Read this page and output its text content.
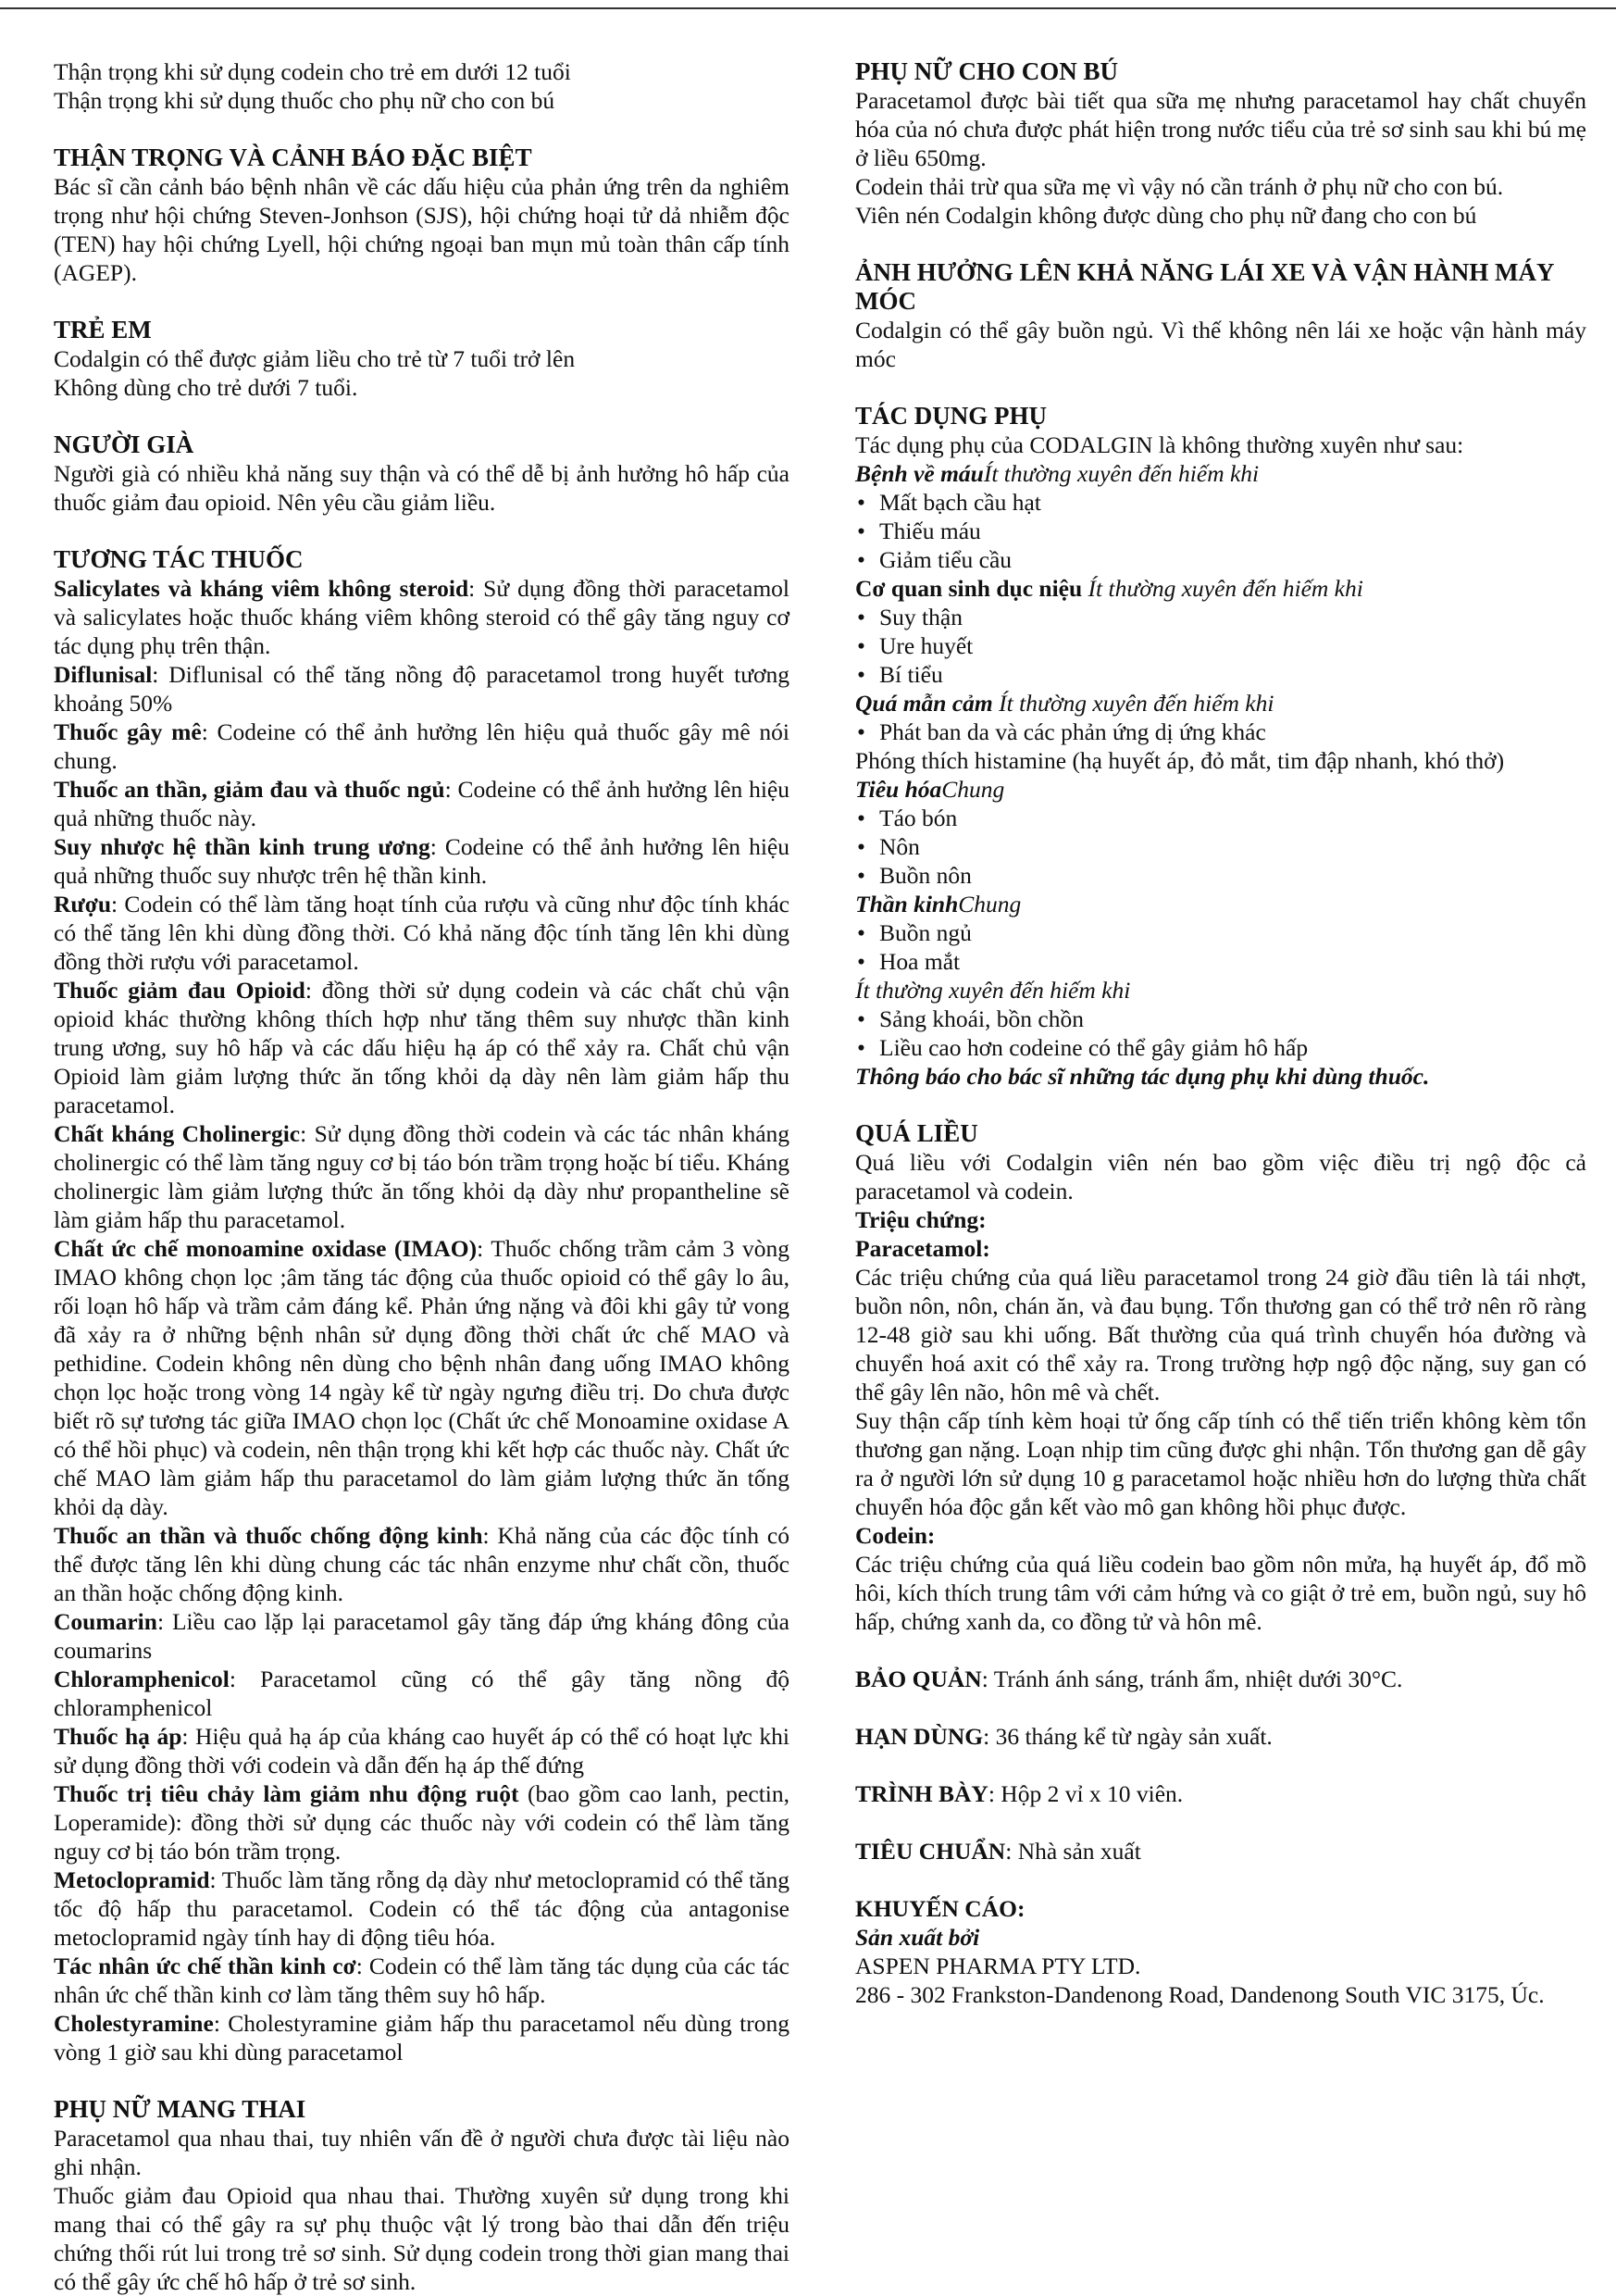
Thận trọng khi sử dụng codein cho trẻ em dưới 12 tuổi

Thận trọng khi sử dụng thuốc cho phụ nữ cho con bú

THẬN TRỌNG VÀ CẢNH BÁO ĐẶC BIỆT

Bác sĩ cần cảnh báo bệnh nhân về các dấu hiệu của phản ứng trên da nghiêm trọng như hội chứng Steven-Jonhson (SJS), hội chứng hoại tử dả nhiễm độc (TEN) hay hội chứng Lyell, hội chứng ngoại ban mụn mủ toàn thân cấp tính (AGEP).

TRẺ EM

Codalgin có thể được giảm liều cho trẻ từ 7 tuổi trở lên

Không dùng cho trẻ dưới 7 tuổi.

NGƯỜI GIÀ

Người già có nhiều khả năng suy thận và có thể dễ bị ảnh hưởng hô hấp của thuốc giảm đau opioid. Nên yêu cầu giảm liều.

TƯƠNG TÁC THUỐC

Salicylates và kháng viêm không steroid: Sử dụng đồng thời paracetamol và salicylates hoặc thuốc kháng viêm không steroid có thể gây tăng nguy cơ tác dụng phụ trên thận.

Diflunisal: Diflunisal có thể tăng nồng độ paracetamol trong huyết tương khoảng 50%

Thuốc gây mê: Codeine có thể ảnh hưởng lên hiệu quả thuốc gây mê nói chung.

Thuốc an thần, giảm đau và thuốc ngủ: Codeine có thể ảnh hưởng lên hiệu quả những thuốc này.

Suy nhược hệ thần kinh trung ương: Codeine có thể ảnh hưởng lên hiệu quả những thuốc suy nhược trên hệ thần kinh.

Rượu: Codein có thể làm tăng hoạt tính của rượu và cũng như độc tính khác có thể tăng lên khi dùng đồng thời. Có khả năng độc tính tăng lên khi dùng đồng thời rượu với paracetamol.

Thuốc giảm đau Opioid: đồng thời sử dụng codein và các chất chủ vận opioid khác thường không thích hợp như tăng thêm suy nhược thần kinh trung ương, suy hô hấp và các dấu hiệu hạ áp có thể xảy ra. Chất chủ vận Opioid làm giảm lượng thức ăn tống khỏi dạ dày nên làm giảm hấp thu paracetamol.

Chất kháng Cholinergic: Sử dụng đồng thời codein và các tác nhân kháng cholinergic có thể làm tăng nguy cơ bị táo bón trầm trọng hoặc bí tiểu. Kháng cholinergic làm giảm lượng thức ăn tống khỏi dạ dày như propantheline sẽ làm giảm hấp thu paracetamol.

Chất ức chế monoamine oxidase (IMAO): Thuốc chống trầm cảm 3 vòng IMAO không chọn lọc ;âm tăng tác động của thuốc opioid có thể gây lo âu, rối loạn hô hấp và trầm cảm đáng kể. Phản ứng nặng và đôi khi gây tử vong đã xảy ra ở những bệnh nhân sử dụng đồng thời chất ức chế MAO và pethidine. Codein không nên dùng cho bệnh nhân đang uống IMAO không chọn lọc hoặc trong vòng 14 ngày kể từ ngày ngưng điều trị. Do chưa được biết rõ sự tương tác giữa IMAO chọn lọc (Chất ức chế Monoamine oxidase A có thể hồi phục) và codein, nên thận trọng khi kết hợp các thuốc này. Chất ức chế MAO làm giảm hấp thu paracetamol do làm giảm lượng thức ăn tống khỏi dạ dày.

Thuốc an thần và thuốc chống động kinh: Khả năng của các độc tính có thể được tăng lên khi dùng chung các tác nhân enzyme như chất cồn, thuốc an thần hoặc chống động kinh.

Coumarin: Liều cao lặp lại paracetamol gây tăng đáp ứng kháng đông của coumarins

Chloramphenicol: Paracetamol cũng có thể gây tăng nồng độ chloramphenicol

Thuốc hạ áp: Hiệu quả hạ áp của kháng cao huyết áp có thể có hoạt lực khi sử dụng đồng thời với codein và dẫn đến hạ áp thế đứng

Thuốc trị tiêu chảy làm giảm nhu động ruột (bao gồm cao lanh, pectin, Loperamide): đồng thời sử dụng các thuốc này với codein có thể làm tăng nguy cơ bị táo bón trầm trọng.

Metoclopramid: Thuốc làm tăng rỗng dạ dày như metoclopramid có thể tăng tốc độ hấp thu paracetamol. Codein có thể tác động của antagonise metoclopramid ngày tính hay di động tiêu hóa.

Tác nhân ức chế thần kinh cơ: Codein có thể làm tăng tác dụng của các tác nhân ức chế thần kinh cơ làm tăng thêm suy hô hấp.

Cholestyramine: Cholestyramine giảm hấp thu paracetamol nếu dùng trong vòng 1 giờ sau khi dùng paracetamol

PHỤ NỮ MANG THAI

Paracetamol qua nhau thai, tuy nhiên vấn đề ở người chưa được tài liệu nào ghi nhận.

Thuốc giảm đau Opioid qua nhau thai. Thường xuyên sử dụng trong khi mang thai có thể gây ra sự phụ thuộc vật lý trong bào thai dẫn đến triệu chứng thối rút lui trong trẻ sơ sinh. Sử dụng codein trong thời gian mang thai có thể gây ức chế hô hấp ở trẻ sơ sinh.

PHỤ NỮ CHO CON BÚ

Paracetamol được bài tiết qua sữa mẹ nhưng paracetamol hay chất chuyển hóa của nó chưa được phát hiện trong nước tiểu của trẻ sơ sinh sau khi bú mẹ ở liều 650mg.

Codein thải trừ qua sữa mẹ vì vậy nó cần tránh ở phụ nữ cho con bú.

Viên nén Codalgin không được dùng cho phụ nữ đang cho con bú

ẢNH HƯỞNG LÊN KHẢ NĂNG LÁI XE VÀ VẬN HÀNH MÁY MÓC

Codalgin có thể gây buồn ngủ. Vì thế không nên lái xe hoặc vận hành máy móc

TÁC DỤNG PHỤ

Tác dụng phụ của CODALGIN là không thường xuyên như sau:

Bệnh về máuÍt thường xuyên đến hiếm khi

• Mất bạch cầu hạt
• Thiếu máu
• Giảm tiểu cầu

Cơ quan sinh dục niệu Ít thường xuyên đến hiếm khi

• Suy thận
• Ure huyết
• Bí tiểu

Quá mẫn cảm Ít thường xuyên đến hiếm khi

• Phát ban da và các phản ứng dị ứng khác

Phóng thích histamine (hạ huyết áp, đỏ mắt, tim đập nhanh, khó thở)

Tiêu hóaChung

• Táo bón
• Nôn
• Buồn nôn

Thần kinhChung

• Buồn ngủ
• Hoa mắt

Ít thường xuyên đến hiếm khi

• Sảng khoái, bồn chồn
• Liều cao hơn codeine có thể gây giảm hô hấp

Thông báo cho bác sĩ những tác dụng phụ khi dùng thuốc.

QUÁ LIỀU

Quá liều với Codalgin viên nén bao gồm việc điều trị ngộ độc cả paracetamol và codein.

Triệu chứng:

Paracetamol:

Các triệu chứng của quá liều paracetamol trong 24 giờ đầu tiên là tái nhợt, buồn nôn, nôn, chán ăn, và đau bụng. Tổn thương gan có thể trở nên rõ ràng 12-48 giờ sau khi uống. Bất thường của quá trình chuyển hóa đường và chuyển hoá axit có thể xảy ra. Trong trường hợp ngộ độc nặng, suy gan có thể gây lên não, hôn mê và chết.

Suy thận cấp tính kèm hoại tử ống cấp tính có thể tiến triển không kèm tổn thương gan nặng. Loạn nhịp tim cũng được ghi nhận. Tổn thương gan dễ gây ra ở người lớn sử dụng 10 g paracetamol hoặc nhiều hơn do lượng thừa chất chuyển hóa độc gắn kết vào mô gan không hồi phục được.

Codein:

Các triệu chứng của quá liều codein bao gồm nôn mửa, hạ huyết áp, đổ mồ hôi, kích thích trung tâm với cảm hứng và co giật ở trẻ em, buồn ngủ, suy hô hấp, chứng xanh da, co đồng tử và hôn mê.

BẢO QUẢN: Tránh ánh sáng, tránh ẩm, nhiệt dưới 30°C.

HẠN DÙNG: 36 tháng kể từ ngày sản xuất.

TRÌNH BÀY: Hộp 2 vỉ x 10 viên.

TIÊU CHUẨN: Nhà sản xuất

KHUYẾN CÁO:

Sản xuất bởi

ASPEN PHARMA PTY LTD.

286 - 302 Frankston-Dandenong Road, Dandenong South VIC 3175, Úc.
